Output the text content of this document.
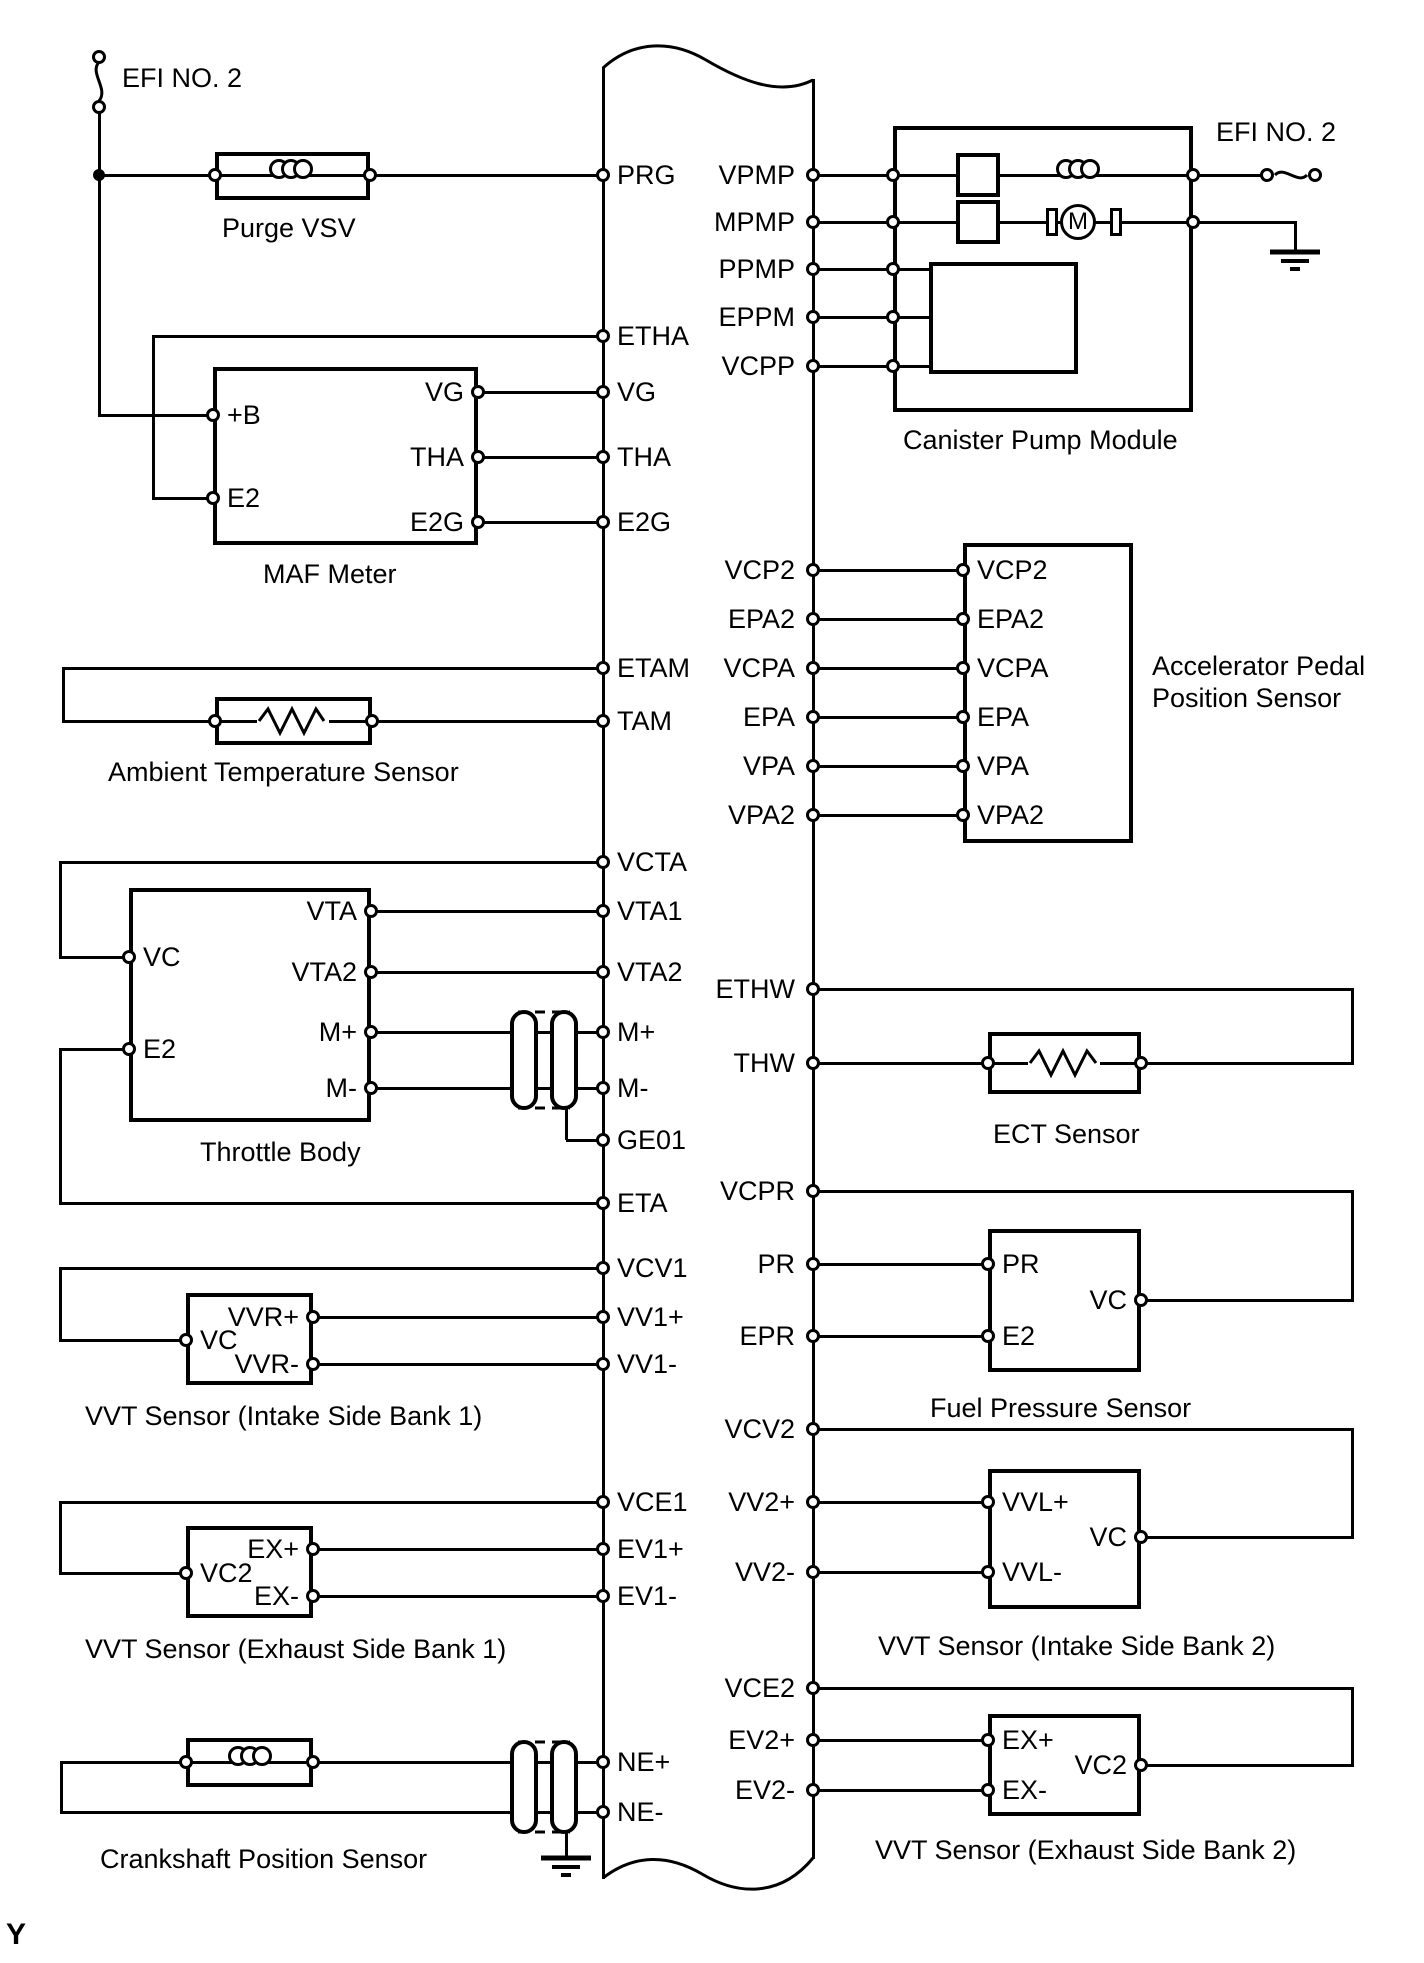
PRG
ETHA
VG
THA
E2G
ETAM
TAM
VCTA
VTA1
VTA2
M+
M-
GE01
ETA
VCV1
VV1+
VV1-
VCE1
EV1+
EV1-
NE+
NE-
VPMP
MPMP
PPMP
EPPM
VCPP
VCP2
EPA2
VCPA
EPA
VPA
VPA2
ETHW
THW
VCPR
PR
EPR
VCV2
VV2+
VV2-
VCE2
EV2+
EV2-
+B
E2
VG
THA
E2G
VC
E2
VTA
VTA2
M+
M-
VC
VVR+
VVR-
VC2
EX+
EX-
VCP2
EPA2
VCPA
EPA
VPA
VPA2
PR
E2
VC
VVL+
VVL-
VC
EX+
EX-
VC2
M
EFI NO. 2
Purge VSV
MAF Meter
Ambient Temperature Sensor
Throttle Body
VVT Sensor (Intake Side Bank 1)
VVT Sensor (Exhaust Side Bank 1)
Crankshaft Position Sensor
Canister Pump Module
EFI NO. 2
Accelerator Pedal
Position Sensor
ECT Sensor
Fuel Pressure Sensor
VVT Sensor (Intake Side Bank 2)
VVT Sensor (Exhaust Side Bank 2)
Y
